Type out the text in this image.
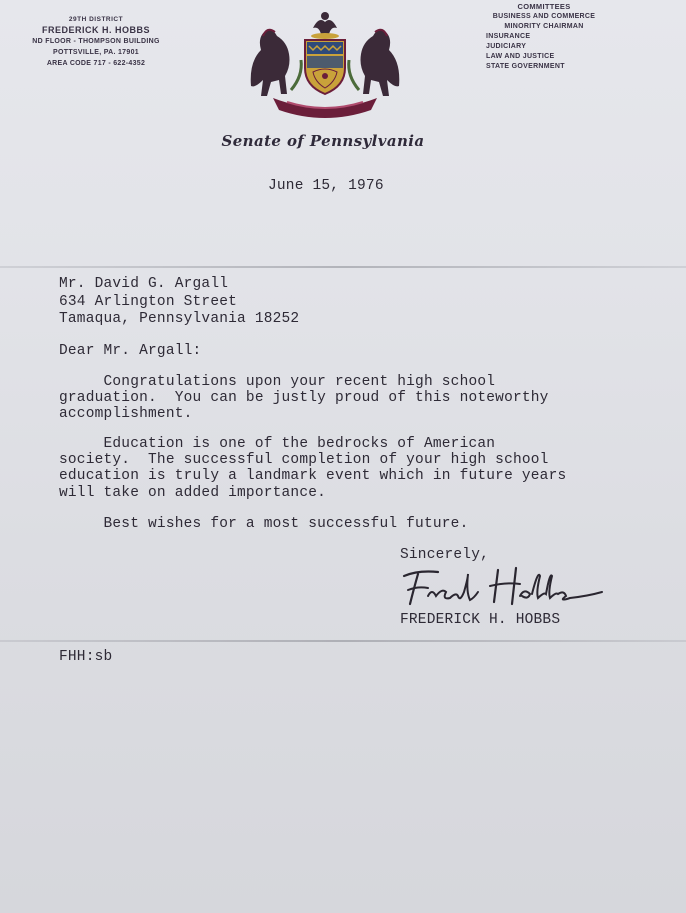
29TH DISTRICT
FREDERICK H. HOBBS
ND FLOOR - THOMPSON BUILDING
POTTSVILLE, PA. 17901
AREA CODE 717 - 622-4352
COMMITTEES
BUSINESS AND COMMERCE
MINORITY CHAIRMAN
INSURANCE
JUDICIARY
LAW AND JUSTICE
STATE GOVERNMENT
Senate of Pennsylvania
June 15, 1976
Mr. David G. Argall
634 Arlington Street
Tamaqua, Pennsylvania 18252
Dear Mr. Argall:
Congratulations upon your recent high school
graduation.  You can be justly proud of this noteworthy
accomplishment.
Education is one of the bedrocks of American
society.  The successful completion of your high school
education is truly a landmark event which in future years
will take on added importance.
Best wishes for a most successful future.
Sincerely,
FREDERICK H. HOBBS
FHH:sb
